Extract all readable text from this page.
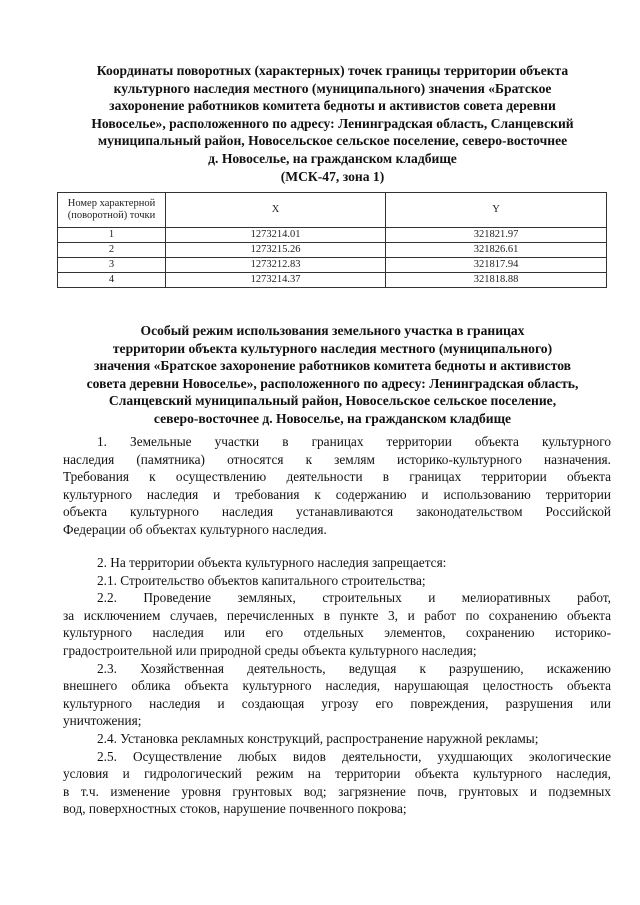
Координаты поворотных (характерных) точек границы территории объекта
культурного наследия местного (муниципального) значения «Братское
захоронение работников комитета бедноты и активистов совета деревни
Новоселье», расположенного по адресу: Ленинградская область, Сланцевский
муниципальный район, Новосельское сельское поселение, северо-восточнее
д. Новоселье, на гражданском кладбище
(МСК-47, зона 1)
Номер характерной (поворотной) точки	X	Y
1	1273214.01	321821.97
2	1273215.26	321826.61
3	1273212.83	321817.94
4	1273214.37	321818.88
Особый режим использования земельного участка в границах
территории объекта культурного наследия местного (муниципального)
значения «Братское захоронение работников комитета бедноты и активистов
совета деревни Новоселье», расположенного по адресу: Ленинградская область,
Сланцевский муниципальный район, Новосельское сельское поселение,
северо-восточнее д. Новоселье, на гражданском кладбище
1. Земельные участки в границах территории объекта культурного
наследия (памятника) относятся к землям историко-культурного назначения.
Требования к осуществлению деятельности в границах территории объекта
культурного наследия и требования к содержанию и использованию территории
объекта культурного наследия устанавливаются законодательством Российской
Федерации об объектах культурного наследия.
2. На территории объекта культурного наследия запрещается:
2.1. Строительство объектов капитального строительства;
2.2. Проведение земляных, строительных и мелиоративных работ,
за исключением случаев, перечисленных в пункте 3, и работ по сохранению объекта
культурного наследия или его отдельных элементов, сохранению историко-
градостроительной или природной среды объекта культурного наследия;
2.3. Хозяйственная деятельность, ведущая к разрушению, искажению
внешнего облика объекта культурного наследия, нарушающая целостность объекта
культурного наследия и создающая угрозу его повреждения, разрушения или
уничтожения;
2.4. Установка рекламных конструкций, распространение наружной рекламы;
2.5. Осуществление любых видов деятельности, ухудшающих экологические
условия и гидрологический режим на территории объекта культурного наследия,
в т.ч. изменение уровня грунтовых вод; загрязнение почв, грунтовых и подземных
вод, поверхностных стоков, нарушение почвенного покрова;
